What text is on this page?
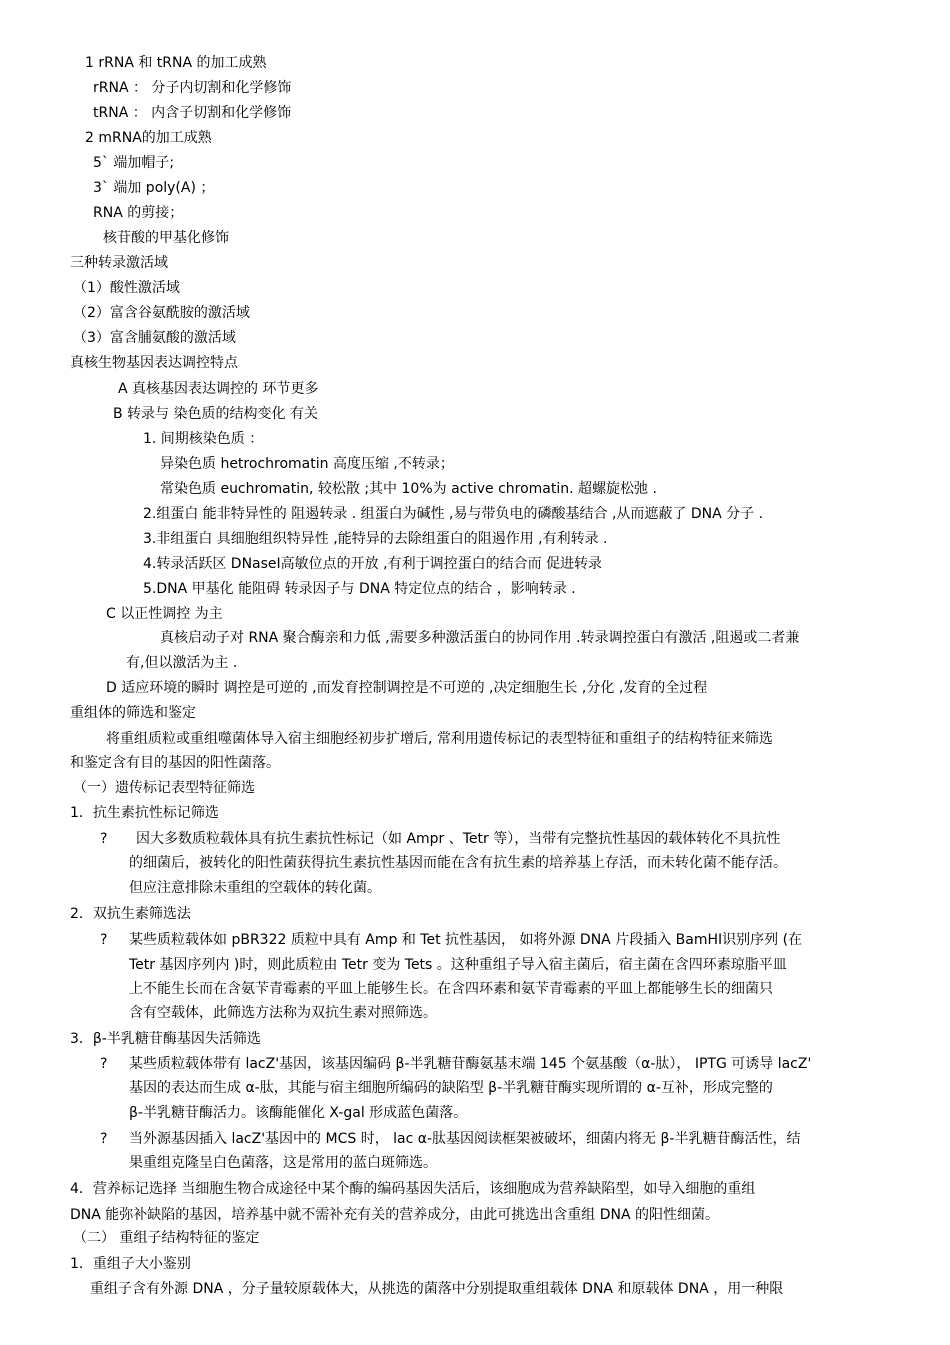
1 rRNA 和 tRNA 的加工成熟
rRNA ： 分子内切割和化学修饰
tRNA ： 内含子切割和化学修饰
2 mRNA的加工成熟
5` 端加帽子;
3` 端加 poly(A) ；
RNA 的剪接；
核苷酸的甲基化修饰
三种转录激活域
（1）酸性激活域
（2）富含谷氨酰胺的激活域
（3）富含脯氨酸的激活域
真核生物基因表达调控特点
A 真核基因表达调控的 环节更多
B 转录与 染色质的结构变化 有关
1. 间期核染色质 ：
异染色质 hetrochromatin 高度压缩 ,不转录；
常染色质 euchromatin, 较松散 ;其中 10%为 active chromatin. 超螺旋松弛 .
2.组蛋白 能非特异性的 阻遏转录 . 组蛋白为碱性 ,易与带负电的磷酸基结合 ,从而遮蔽了 DNA 分子 .
3.非组蛋白 具细胞组织特异性 ,能特异的去除组蛋白的阻遏作用 ,有利转录 .
4.转录活跃区 DNaseⅠ高敏位点的开放 ,有利于调控蛋白的结合而 促进转录
5.DNA 甲基化 能阻碍 转录因子与 DNA 特定位点的结合 ，影响转录 .
C 以正性调控 为主
真核启动子对 RNA 聚合酶亲和力低 ,需要多种激活蛋白的协同作用 .转录调控蛋白有激活 ,阻遏或二者兼
有,但以激活为主 .
D 适应环境的瞬时 调控是可逆的 ,而发育控制调控是不可逆的 ,决定细胞生长 ,分化 ,发育的全过程
重组体的筛选和鉴定
将重组质粒或重组噬菌体导入宿主细胞经初步扩增后, 常利用遗传标记的表型特征和重组子的结构特征来筛选
和鉴定含有目的基因的阳性菌落。
（一）遗传标记表型特征筛选
1．抗生素抗性标记筛选
? 因大多数质粒载体具有抗生素抗性标记（如 Ampr 、Tetr 等），当带有完整抗性基因的载体转化不具抗性
的细菌后，被转化的阳性菌获得抗生素抗性基因而能在含有抗生素的培养基上存活，而未转化菌不能存活。
但应注意排除未重组的空载体的转化菌。
2．双抗生素筛选法
? 某些质粒载体如 pBR322 质粒中具有 Amp 和 Tet 抗性基因， 如将外源 DNA 片段插入 BamHⅠ识别序列 (在
Tetr 基因序列内 )时，则此质粒由 Tetr 变为 Tets 。这种重组子导入宿主菌后，宿主菌在含四环素琼脂平皿
上不能生长而在含氨苄青霉素的平皿上能够生长。在含四环素和氨苄青霉素的平皿上都能够生长的细菌只
含有空载体，此筛选方法称为双抗生素对照筛选。
3．β-半乳糖苷酶基因失活筛选
? 某些质粒载体带有 lacZ'基因，该基因编码 β-半乳糖苷酶氨基末端 145 个氨基酸（α-肽）， IPTG 可诱导 lacZ'
基因的表达而生成 α-肽，其能与宿主细胞所编码的缺陷型 β-半乳糖苷酶实现所谓的 α-互补，形成完整的
β-半乳糖苷酶活力。该酶能催化 X-gal 形成蓝色菌落。
? 当外源基因插入 lacZ'基因中的 MCS 时， lac α-肽基因阅读框架被破坏，细菌内将无 β-半乳糖苷酶活性，结
果重组克隆呈白色菌落，这是常用的蓝白斑筛选。
4．营养标记选择 当细胞生物合成途径中某个酶的编码基因失活后，该细胞成为营养缺陷型，如导入细胞的重组
DNA 能弥补缺陷的基因，培养基中就不需补充有关的营养成分，由此可挑选出含重组 DNA 的阳性细菌。
（二） 重组子结构特征的鉴定
1．重组子大小鉴别
重组子含有外源 DNA ，分子量较原载体大，从挑选的菌落中分别提取重组载体 DNA 和原载体 DNA ，用一种限
